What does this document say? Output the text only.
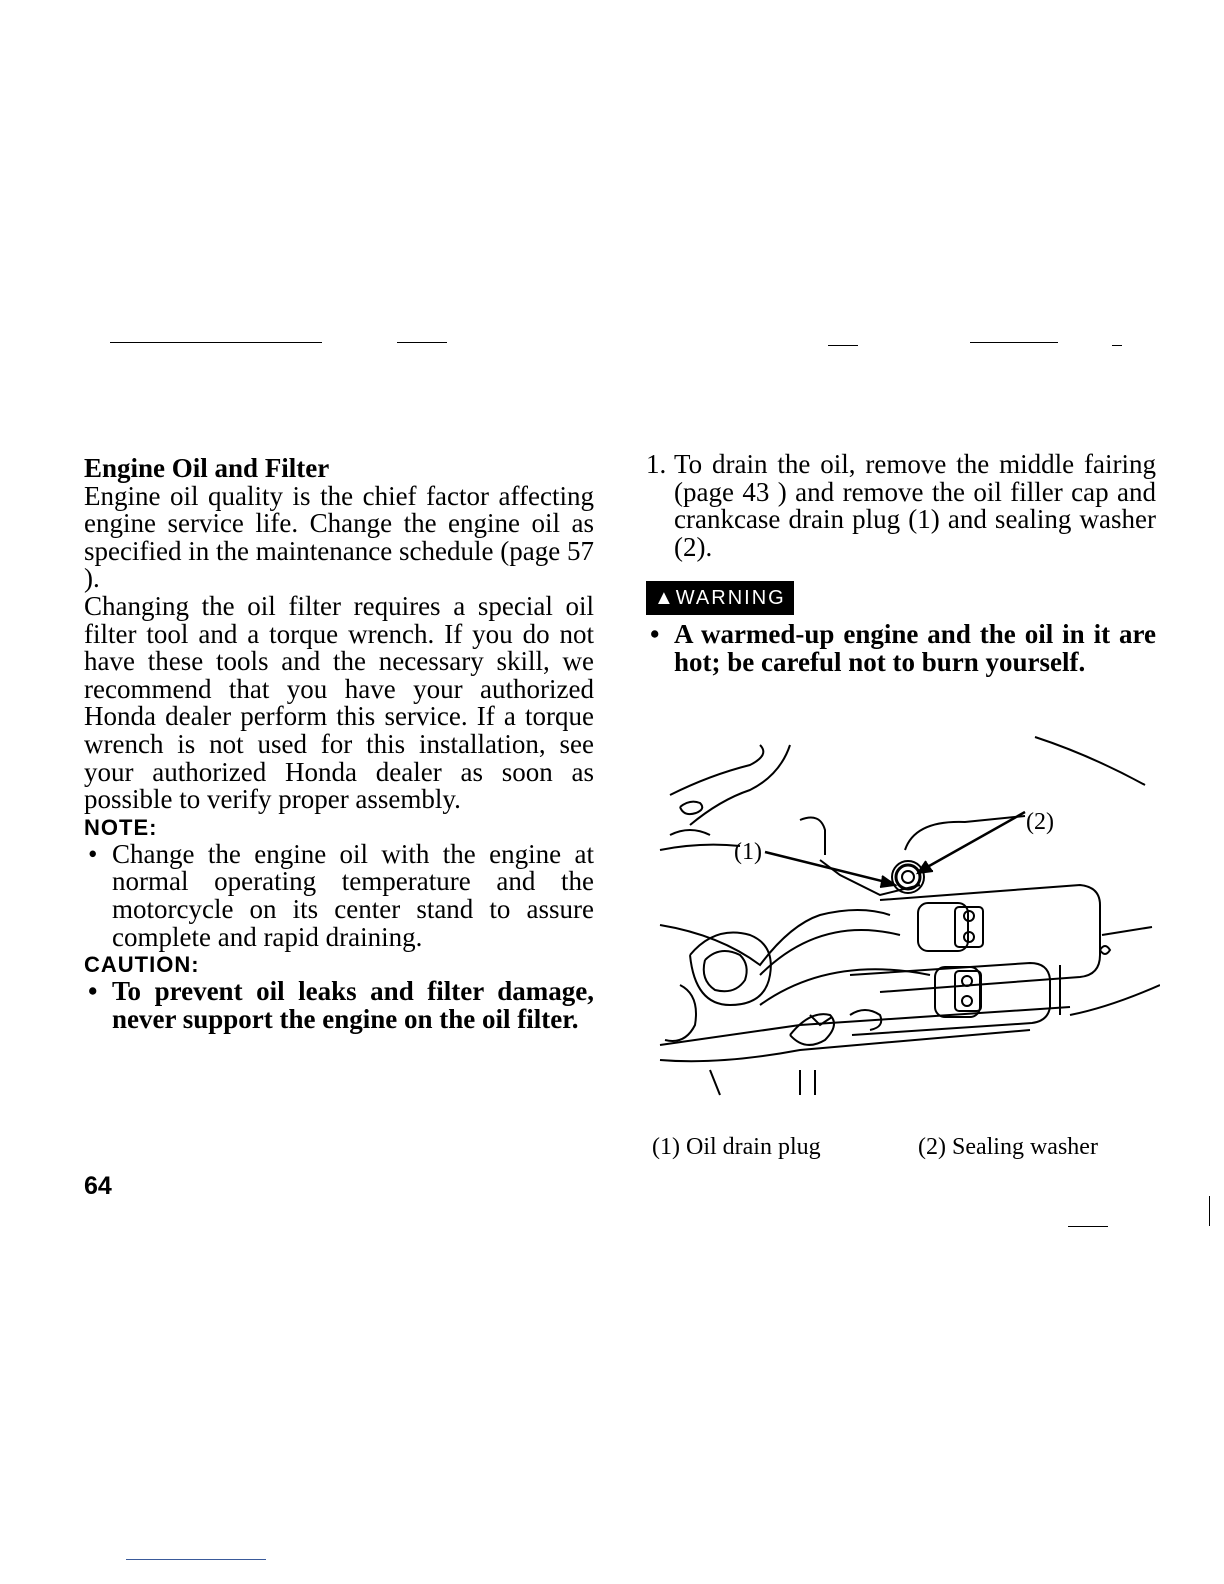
Engine Oil and Filter

Engine oil quality is the chief factor affecting engine service life. Change the engine oil as specified in the maintenance schedule (page 57 ).

Changing the oil filter requires a special oil filter tool and a torque wrench. If you do not have these tools and the necessary skill, we recommend that you have your authorized Honda dealer perform this service. If a torque wrench is not used for this installation, see your authorized Honda dealer as soon as possible to verify proper assembly.

NOTE:

• Change the engine oil with the engine at normal operating temperature and the motorcycle on its center stand to assure complete and rapid draining.

CAUTION:

• To prevent oil leaks and filter damage, never support the engine on the oil filter.
1. To drain the oil, remove the middle fairing (page 43 ) and remove the oil filler cap and crankcase drain plug (1) and sealing washer (2).
▲WARNING
• A warmed-up engine and the oil in it are hot; be careful not to burn yourself.
(1)
(2)
(1) Oil drain plug	(2) Sealing washer
64
